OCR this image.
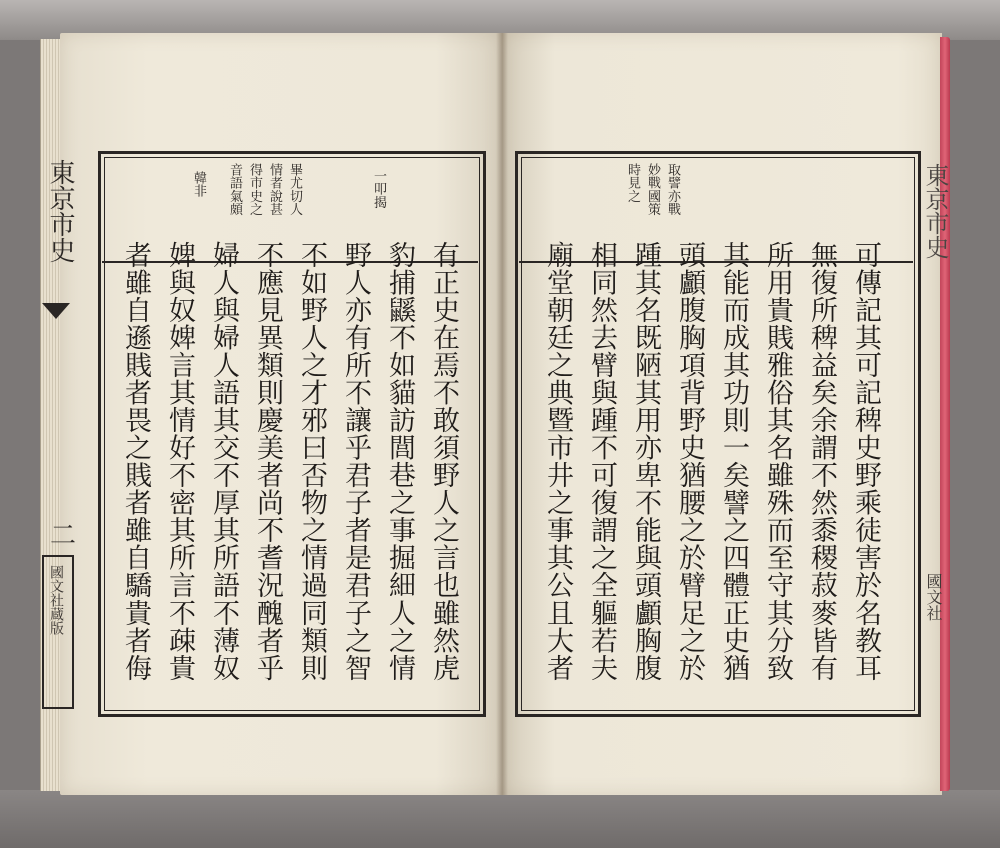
東京市史
二
國文社蔵版
一叩揭
畢尤切人
情者說甚
得市史之
音語氣頗
韓非
有正史在焉不敢須野人之言也雖然虎
豹捕鼷不如貓訪閭巷之事掘細人之情
野人亦有所不讓乎君子者是君子之智
不如野人之才邪曰否物之情過同類則
不應見異類則慶美者尚不耆況醜者乎
婦人與婦人語其交不厚其所語不薄奴
婢與奴婢言其情好不密其所言不疎貴
者雖自遜賎者畏之賎者雖自驕貴者侮
取譬亦戰
妙戰國策
時見之
可傳記其可記稗史野乘徒害於名教耳
無復所稗益矣余謂不然黍稷菽麥皆有
所用貴賎雅俗其名雖殊而至守其分致
其能而成其功則一矣譬之四體正史猶
頭顱腹胸項背野史猶腰之於臂足之於
踵其名既陋其用亦卑不能與頭顱胸腹
相同然去臂與踵不可復謂之全軀若夫
廟堂朝廷之典暨市井之事其公且大者
東京市史
國文社
